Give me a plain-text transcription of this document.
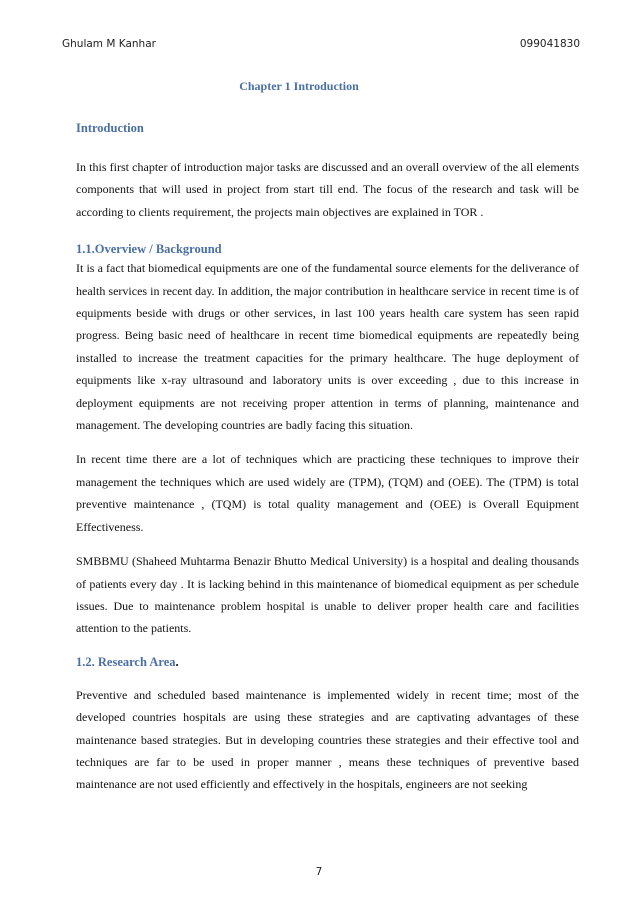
Ghulam M Kanhar	099041830
Chapter 1 Introduction

Introduction

In this first chapter of introduction major tasks are discussed and an overall overview of the all elements components that will used in project from start till end. The focus of the research and task will be according to clients requirement, the projects main objectives are explained in TOR .

1.1.Overview / Background

It is a fact that biomedical equipments are one of the fundamental source elements for the deliverance of health services in recent day. In addition, the major contribution in healthcare service in recent time is of equipments beside with drugs or other services, in last 100 years health care system has seen rapid progress. Being basic need of healthcare in recent time biomedical equipments are repeatedly being installed to increase the treatment capacities for the primary healthcare. The huge deployment of equipments like x-ray ultrasound and laboratory units is over exceeding , due to this increase in deployment equipments are not receiving proper attention in terms of planning, maintenance and management. The developing countries are badly facing this situation.

In recent time there are a lot of techniques which are practicing these techniques to improve their management the techniques which are used widely are (TPM), (TQM) and (OEE). The (TPM) is total preventive maintenance , (TQM) is total quality management and (OEE) is Overall Equipment Effectiveness.

SMBBMU (Shaheed Muhtarma Benazir Bhutto Medical University) is a hospital and dealing thousands of patients every day . It is lacking behind in this maintenance of biomedical equipment as per schedule issues. Due to maintenance problem hospital is unable to deliver proper health care and facilities attention to the patients.

1.2. Research Area.

Preventive and scheduled based maintenance is implemented widely in recent time; most of the developed countries hospitals are using these strategies and are captivating advantages of these maintenance based strategies. But in developing countries these strategies and their effective tool and techniques are far to be used in proper manner , means these techniques of preventive based maintenance are not used efficiently and effectively in the hospitals, engineers are not seeking

7
